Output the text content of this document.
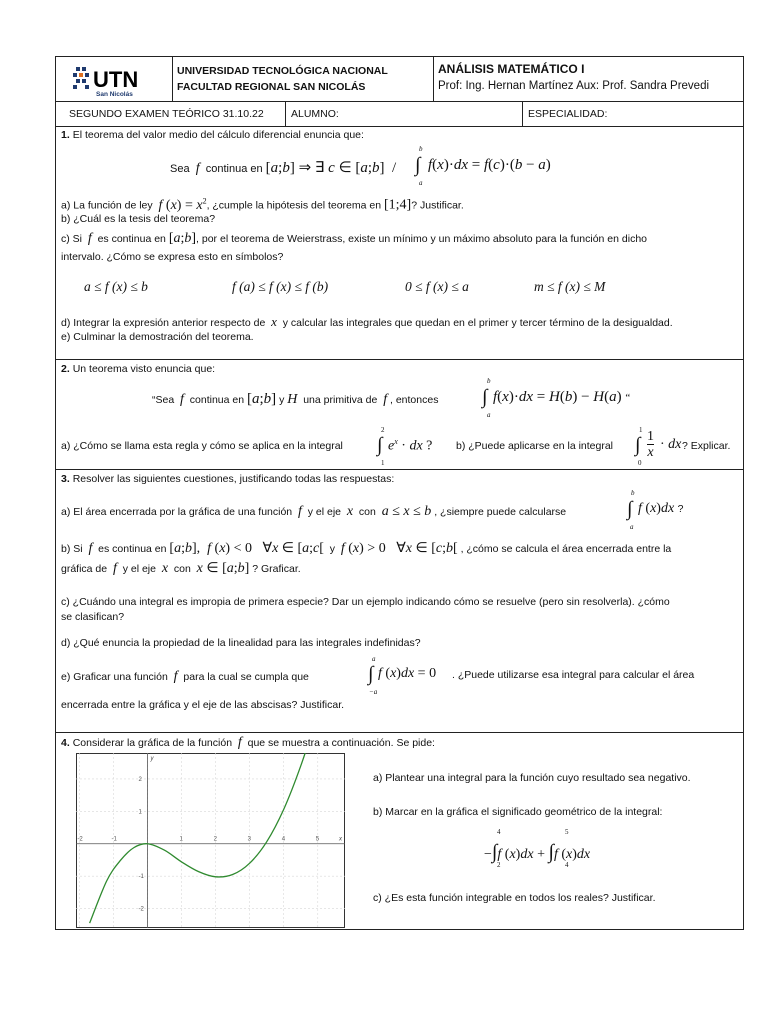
UTN
San Nicolás
UNIVERSIDAD TECNOLÓGICA NACIONAL
FACULTAD REGIONAL SAN NICOLÁS
ANÁLISIS MATEMÁTICO I
Prof: Ing. Hernan Martínez Aux: Prof. Sandra Prevedi
SEGUNDO EXAMEN TEÓRICO 31.10.22	ALUMNO:	ESPECIALIDAD:
1. El teorema del valor medio del cálculo diferencial enuncia que:
Sea f continua en [a;b] ⇒ ∃ c ∈ [a;b]  /
b
∫
a
f(x)·dx = f(c)·(b − a)
a) La función de ley f $(x) = x^2$, ¿cumple la hipótesis del teorema en [1;4]? Justificar.
b) ¿Cuál es la tesis del teorema?
c) Si f es continua en [a;b], por el teorema de Weierstrass, existe un mínimo y un máximo absoluto para la función en dicho
intervalo. ¿Cómo se expresa esto en símbolos?
a ≤ f (x) ≤ b	f (a) ≤ f (x) ≤ f (b)	0 ≤ f (x) ≤ a	m ≤ f (x) ≤ M
d) Integrar la expresión anterior respecto de x y calcular las integrales que quedan en el primer y tercer término de la desigualdad.
e) Culminar la demostración del teorema.
2. Un teorema visto enuncia que:
“Sea f continua en [a;b] y H una primitiva de f , entonces
b
∫
a
f(x)·dx = H(b) − H(a) “
a) ¿Cómo se llama esta regla y cómo se aplica en la integral
2
∫
1
$e^x$ · dx ? b) ¿Puede aplicarse en la integral
1
∫
0
1
x
· dx ? Explicar.
3. Resolver las siguientes cuestiones, justificando todas las respuestas:
a) El área encerrada por la gráfica de una función f y el eje x con a ≤ x ≤ b , ¿siempre puede calcularse
b
∫
a
f (x)dx ?
b) Si f es continua en [a;b],  f (x) < 0   ∀x ∈ [a;c[ y f (x) > 0   ∀x ∈ [c;b[ , ¿cómo se calcula el área encerrada entre la
gráfica de f y el eje x con x ∈ [a;b] ? Graficar.
c) ¿Cuándo una integral es impropia de primera especie? Dar un ejemplo indicando cómo se resuelve (pero sin resolverla). ¿cómo
se clasifican?
d) ¿Qué enuncia la propiedad de la linealidad para las integrales indefinidas?
e) Graficar una función f para la cual se cumpla que
a
∫
−a
f (x)dx = 0 . ¿Puede utilizarse esa integral para calcular el área
encerrada entre la gráfica y el eje de las abscisas? Justificar.
4. Considerar la gráfica de la función f que se muestra a continuación. Se pide:
x
y
-2	-1	1	2	3	4	5
2
1
-1
-2
a) Plantear una integral para la función cuyo resultado sea negativo.
b) Marcar en la gráfica el significado geométrico de la integral:
4
2
5
4
−∫f (x)dx + ∫f (x)dx
c) ¿Es esta función integrable en todos los reales? Justificar.
